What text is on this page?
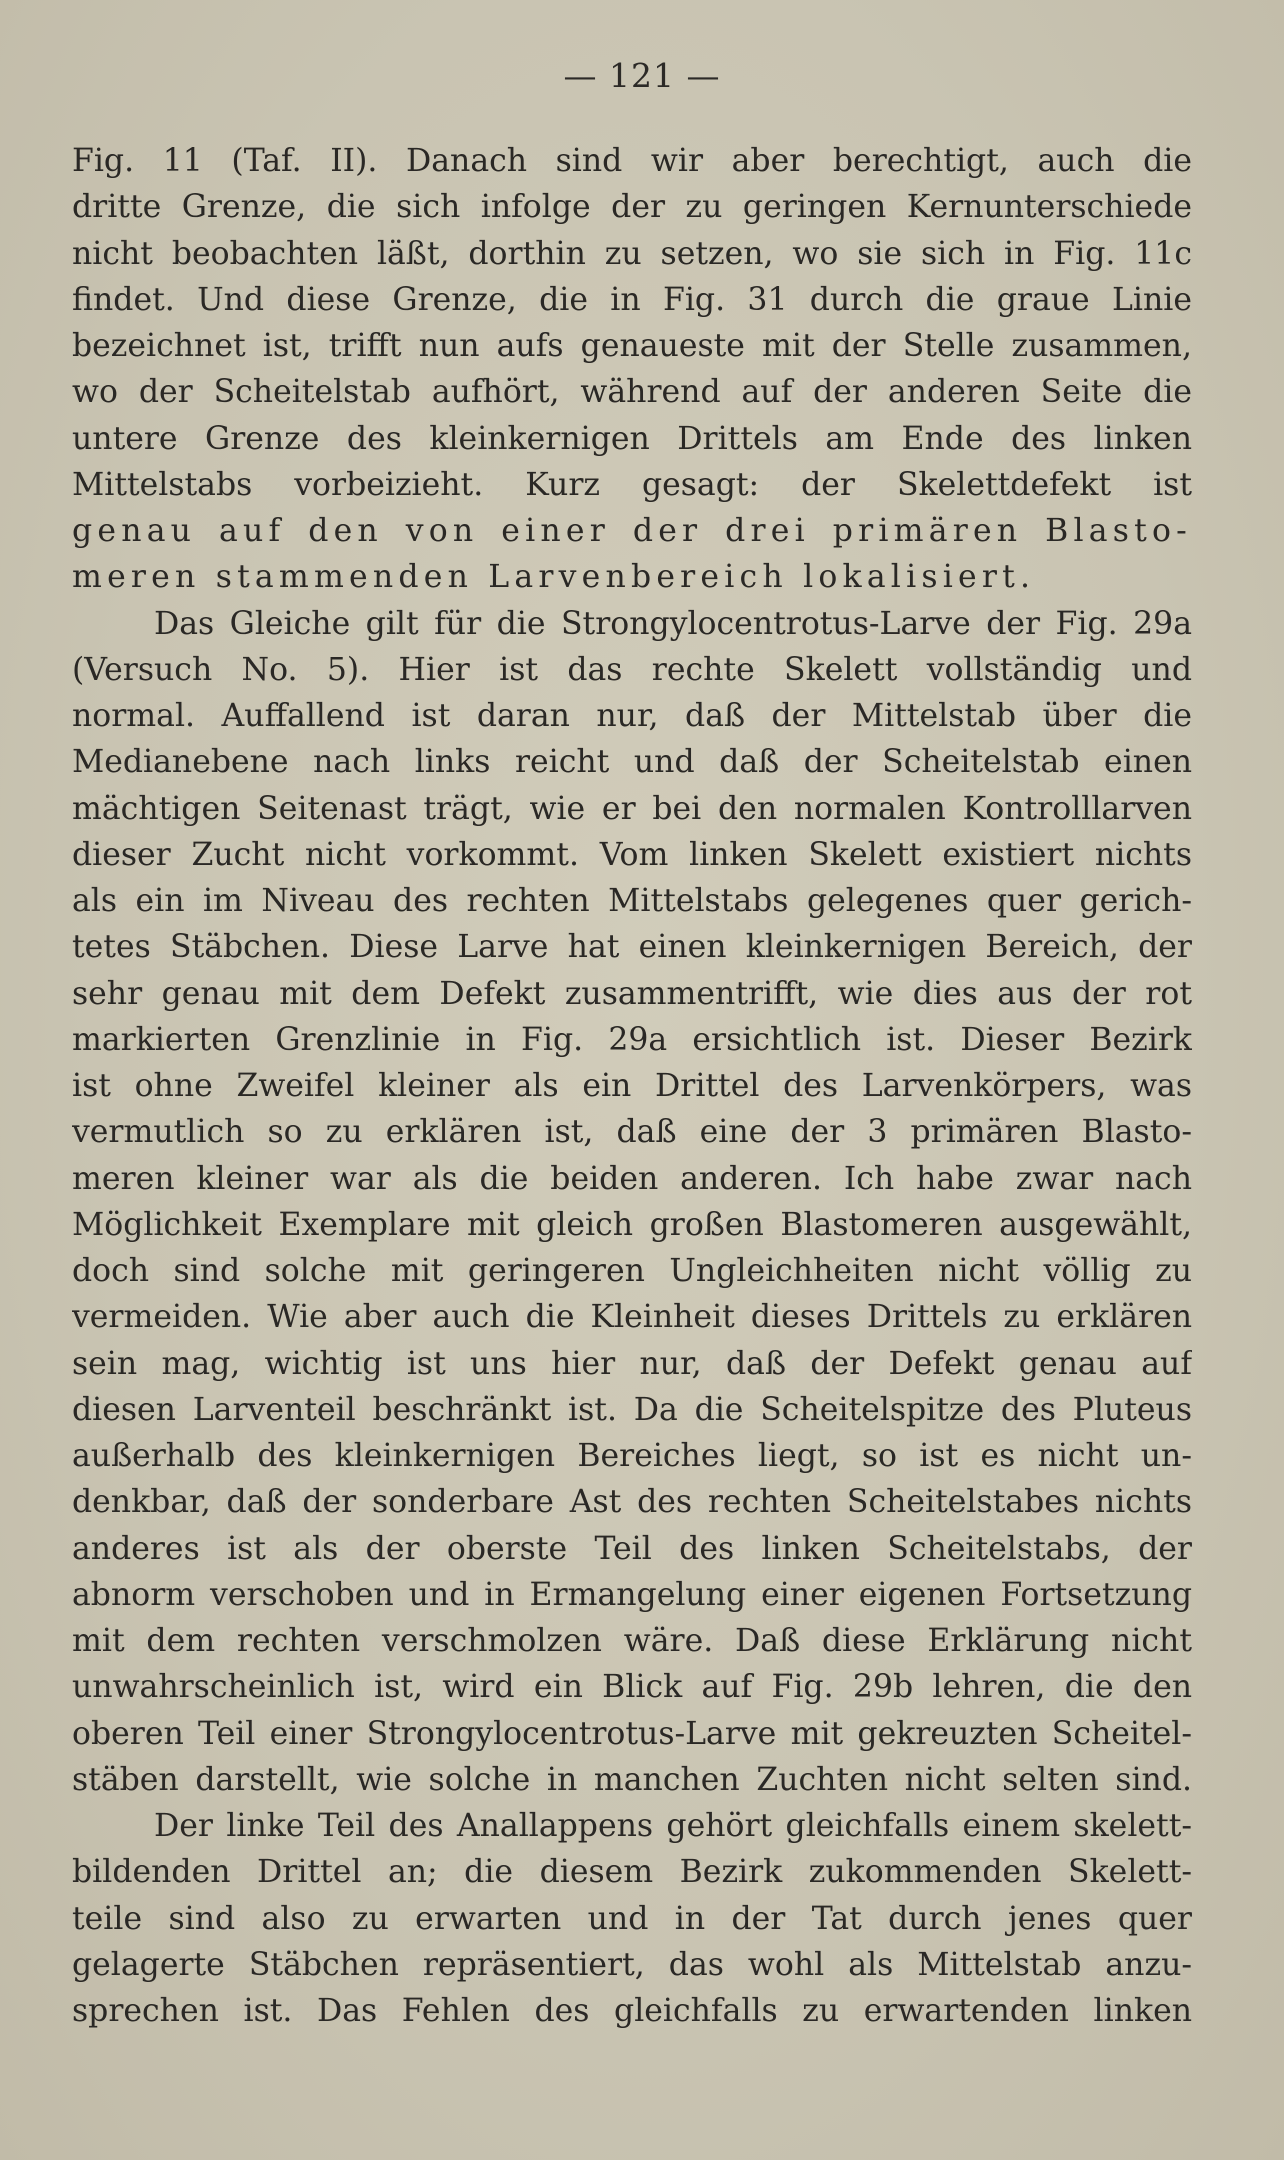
— 121 —
Fig. 11 (Taf. II). Danach sind wir aber berechtigt, auch die
dritte Grenze, die sich infolge der zu geringen Kernunterschiede
nicht beobachten läßt, dorthin zu setzen, wo sie sich in Fig. 11c
findet. Und diese Grenze, die in Fig. 31 durch die graue Linie
bezeichnet ist, trifft nun aufs genaueste mit der Stelle zusammen,
wo der Scheitelstab aufhört, während auf der anderen Seite die
untere Grenze des kleinkernigen Drittels am Ende des linken
Mittelstabs vorbeizieht. Kurz gesagt: der Skelettdefekt ist
genau auf den von einer der drei primären Blasto-
meren stammenden Larvenbereich lokalisiert.
Das Gleiche gilt für die Strongylocentrotus-Larve der Fig. 29a
(Versuch No. 5). Hier ist das rechte Skelett vollständig und
normal. Auffallend ist daran nur, daß der Mittelstab über die
Medianebene nach links reicht und daß der Scheitelstab einen
mächtigen Seitenast trägt, wie er bei den normalen Kontrolllarven
dieser Zucht nicht vorkommt. Vom linken Skelett existiert nichts
als ein im Niveau des rechten Mittelstabs gelegenes quer gerich-
tetes Stäbchen. Diese Larve hat einen kleinkernigen Bereich, der
sehr genau mit dem Defekt zusammentrifft, wie dies aus der rot
markierten Grenzlinie in Fig. 29a ersichtlich ist. Dieser Bezirk
ist ohne Zweifel kleiner als ein Drittel des Larvenkörpers, was
vermutlich so zu erklären ist, daß eine der 3 primären Blasto-
meren kleiner war als die beiden anderen. Ich habe zwar nach
Möglichkeit Exemplare mit gleich großen Blastomeren ausgewählt,
doch sind solche mit geringeren Ungleichheiten nicht völlig zu
vermeiden. Wie aber auch die Kleinheit dieses Drittels zu erklären
sein mag, wichtig ist uns hier nur, daß der Defekt genau auf
diesen Larventeil beschränkt ist. Da die Scheitelspitze des Pluteus
außerhalb des kleinkernigen Bereiches liegt, so ist es nicht un-
denkbar, daß der sonderbare Ast des rechten Scheitelstabes nichts
anderes ist als der oberste Teil des linken Scheitelstabs, der
abnorm verschoben und in Ermangelung einer eigenen Fortsetzung
mit dem rechten verschmolzen wäre. Daß diese Erklärung nicht
unwahrscheinlich ist, wird ein Blick auf Fig. 29b lehren, die den
oberen Teil einer Strongylocentrotus-Larve mit gekreuzten Scheitel-
stäben darstellt, wie solche in manchen Zuchten nicht selten sind.
Der linke Teil des Anallappens gehört gleichfalls einem skelett-
bildenden Drittel an; die diesem Bezirk zukommenden Skelett-
teile sind also zu erwarten und in der Tat durch jenes quer
gelagerte Stäbchen repräsentiert, das wohl als Mittelstab anzu-
sprechen ist. Das Fehlen des gleichfalls zu erwartenden linken
